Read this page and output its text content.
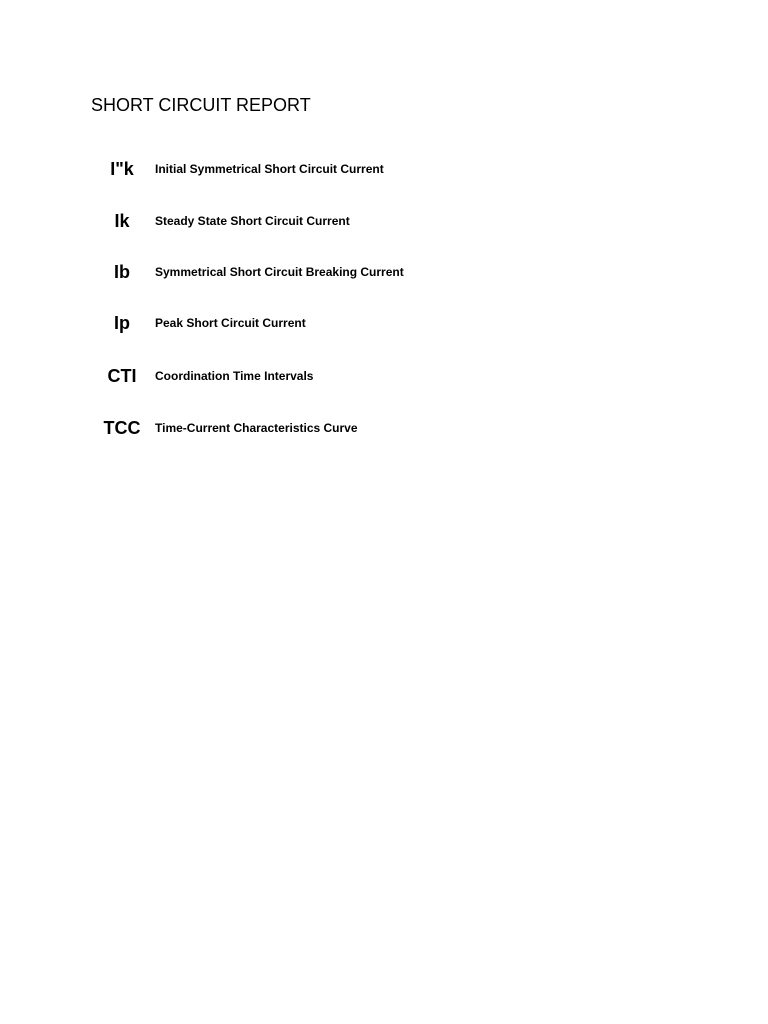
SHORT CIRCUIT REPORT
I"k	Initial Symmetrical Short Circuit Current
Ik	Steady State Short Circuit Current
Ib	Symmetrical Short Circuit Breaking Current
Ip	Peak Short Circuit Current
CTI	Coordination Time Intervals
TCC	Time-Current Characteristics Curve
